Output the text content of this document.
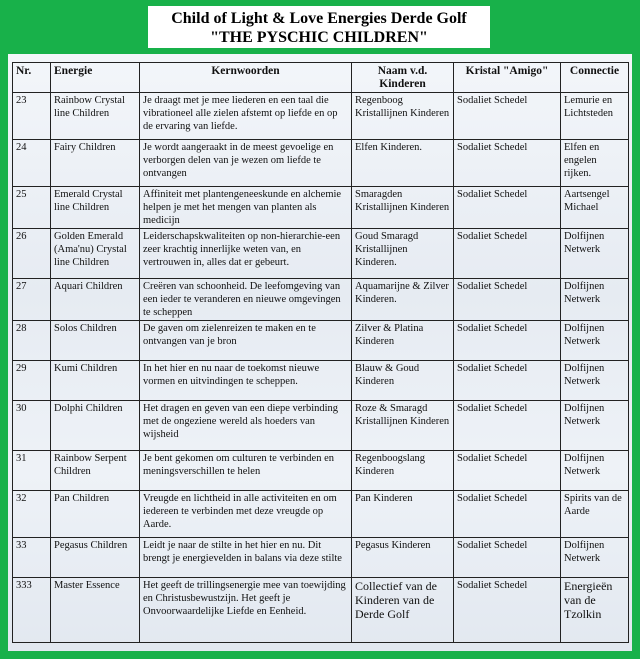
Child of Light & Love Energies Derde Golf
"THE PYSCHIC CHILDREN"
Nr.	Energie	Kernwoorden	Naam v.d. Kinderen	Kristal "Amigo"	Connectie
23	Rainbow Crystal line Children	Je draagt met je mee liederen en een taal die vibrationeel alle zielen afstemt op liefde en op de ervaring van liefde.	Regenboog Kristallijnen Kinderen	Sodaliet Schedel	Lemurie en Lichtsteden
24	Fairy Children	Je wordt aangeraakt in de meest gevoelige en verborgen delen van je wezen om liefde te ontvangen	Elfen Kinderen.	Sodaliet Schedel	Elfen en engelen rijken.
25	Emerald Crystal line Children	Affiniteit met plantengeneeskunde en alchemie helpen je met het mengen van planten als medicijn	Smaragden Kristallijnen Kinderen	Sodaliet Schedel	Aartsengel Michael
26	Golden Emerald (Ama'nu) Crystal line Children	Leiderschapskwaliteiten op non-hierarchie-een zeer krachtig innerlijke weten van, en vertrouwen in, alles dat er gebeurt.	Goud Smaragd Kristallijnen Kinderen.	Sodaliet Schedel	Dolfijnen Netwerk
27	Aquari Children	Creëren van schoonheid. De leefomgeving van een ieder te veranderen en nieuwe omgevingen te scheppen	Aquamarijne & Zilver Kinderen.	Sodaliet Schedel	Dolfijnen Netwerk
28	Solos Children	De gaven om zielenreizen te maken en te ontvangen van je bron	Zilver & Platina Kinderen	Sodaliet Schedel	Dolfijnen Netwerk
29	Kumi Children	In het hier en nu naar de toekomst nieuwe vormen en uitvindingen te scheppen.	Blauw & Goud Kinderen	Sodaliet Schedel	Dolfijnen Netwerk
30	Dolphi Children	Het dragen en geven van een diepe verbinding met de ongeziene wereld als hoeders van wijsheid	Roze & Smaragd Kristallijnen Kinderen	Sodaliet Schedel	Dolfijnen Netwerk
31	Rainbow Serpent Children	Je bent gekomen om culturen te verbinden en meningsverschillen te helen	Regenboogslang Kinderen	Sodaliet Schedel	Dolfijnen Netwerk
32	Pan Children	Vreugde en lichtheid in alle activiteiten en om iedereen te verbinden met deze vreugde op Aarde.	Pan Kinderen	Sodaliet Schedel	Spirits van de Aarde
33	Pegasus Children	Leidt je naar de stilte in het hier en nu. Dit brengt je energievelden in balans via deze stilte	Pegasus Kinderen	Sodaliet Schedel	Dolfijnen Netwerk
333	Master Essence	Het geeft de trillingsenergie mee van toewijding en Christusbewustzijn. Het geeft je Onvoorwaardelijke Liefde en Eenheid.	Collectief van de Kinderen van de Derde Golf	Sodaliet Schedel	Energieën van de Tzolkin
